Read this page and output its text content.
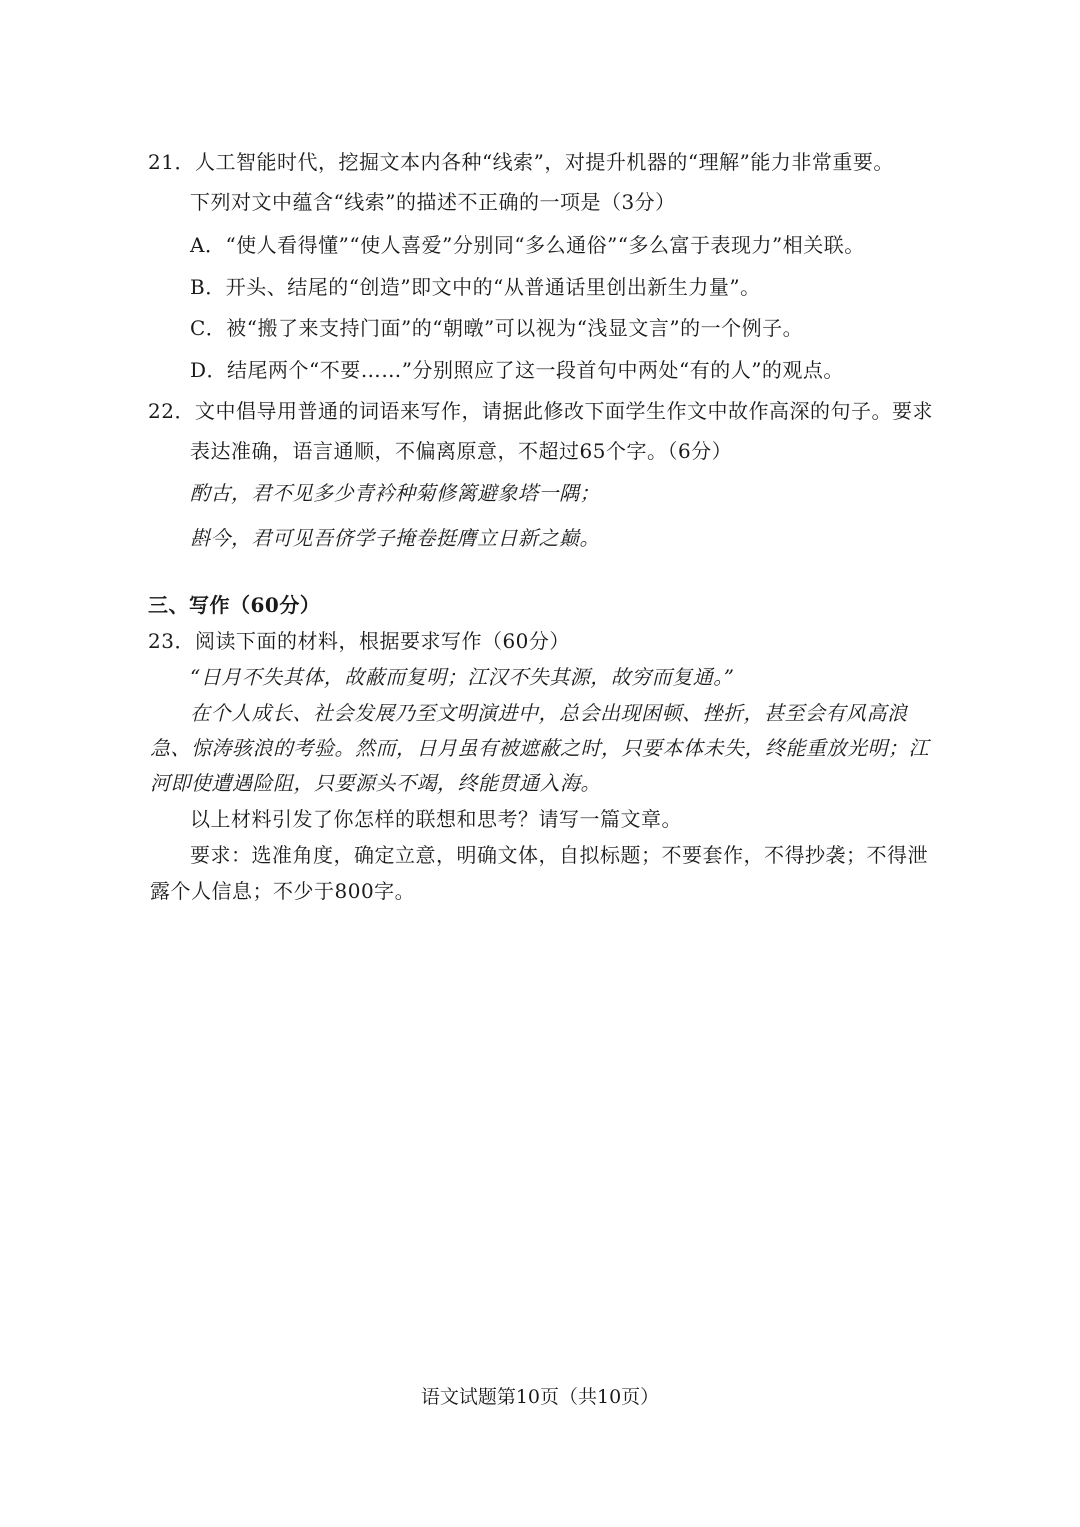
21．人工智能时代，挖掘文本内各种“线索”，对提升机器的“理解”能力非常重要。
下列对文中蕴含“线索”的描述不正确的一项是（3分）
A．“使人看得懂”“使人喜爱”分别同“多么通俗”“多么富于表现力”相关联。
B．开头、结尾的“创造”即文中的“从普通话里创出新生力量”。
C．被“搬了来支持门面”的“朝暾”可以视为“浅显文言”的一个例子。
D．结尾两个“不要……”分别照应了这一段首句中两处“有的人”的观点。
22．文中倡导用普通的词语来写作，请据此修改下面学生作文中故作高深的句子。要求
表达准确，语言通顺，不偏离原意，不超过65个字。（6分）
酌古，君不见多少青衿种菊修篱避象塔一隅；
斟今，君可见吾侪学子掩卷挺膺立日新之巅。
三、写作（60分）
23．阅读下面的材料，根据要求写作（60分）
“日月不失其体，故蔽而复明；江汉不失其源，故穷而复通。”
在个人成长、社会发展乃至文明演进中，总会出现困顿、挫折，甚至会有风高浪
急、惊涛骇浪的考验。然而，日月虽有被遮蔽之时，只要本体未失，终能重放光明；江
河即使遭遇险阻，只要源头不竭，终能贯通入海。
以上材料引发了你怎样的联想和思考？请写一篇文章。
要求：选准角度，确定立意，明确文体，自拟标题；不要套作，不得抄袭；不得泄
露个人信息；不少于800字。
语文试题第10页（共10页）
